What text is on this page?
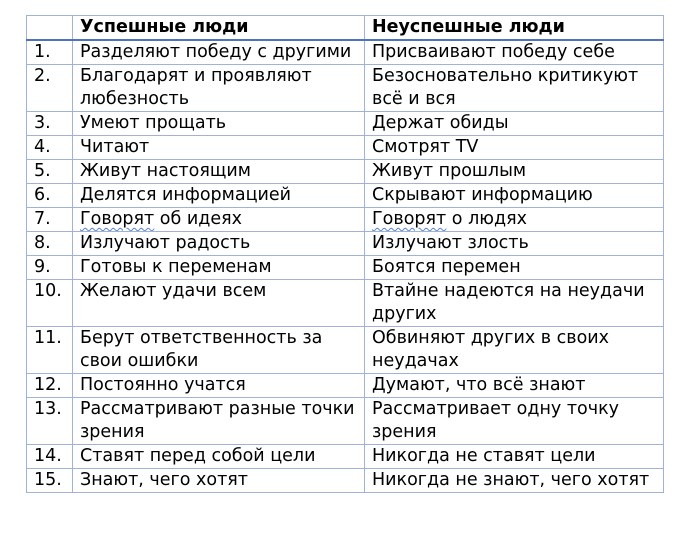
	Успешные люди	Неуспешные люди
1.	Разделяют победу с другими	Присваивают победу себе
2.	Благодарят и проявляют любезность	Безосновательно критикуют всё и вся
3.	Умеют прощать	Держат обиды
4.	Читают	Смотрят TV
5.	Живут настоящим	Живут прошлым
6.	Делятся информацией	Скрывают информацию
7.	Говорят об идеях	Говорят о людях
8.	Излучают радость	Излучают злость
9.	Готовы к переменам	Боятся перемен
10.	Желают удачи всем	Втайне надеются на неудачи других
11.	Берут ответственность за свои ошибки	Обвиняют других в своих неудачах
12.	Постоянно учатся	Думают, что всё знают
13.	Рассматривают разные точки зрения	Рассматривает одну точку зрения
14.	Ставят перед собой цели	Никогда не ставят цели
15.	Знают, чего хотят	Никогда не знают, чего хотят
